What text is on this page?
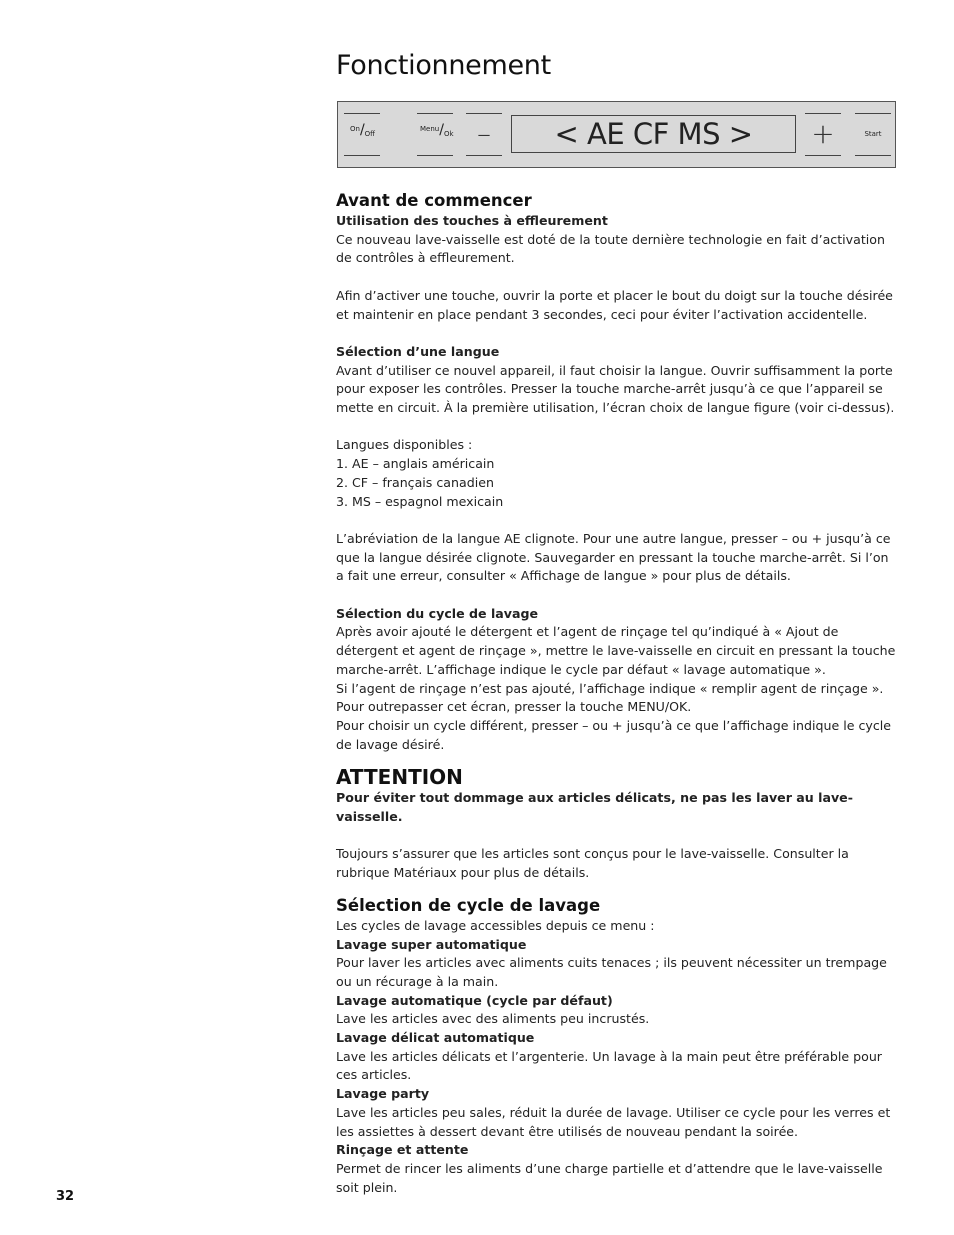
Fonctionnement
On/Off
Menu/Ok –	< AE CF MS >	+	Start

Avant de commencer

Utilisation des touches à effleurement

Ce nouveau lave-vaisselle est doté de la toute dernière technologie en fait d’activation de contrôles à effleurement.

Afin d’activer une touche, ouvrir la porte et placer le bout du doigt sur la touche désirée et maintenir en place pendant 3 secondes, ceci pour éviter l’activation accidentelle.

Sélection d’une langue

Avant d’utiliser ce nouvel appareil, il faut choisir la langue. Ouvrir suffisamment la porte pour exposer les contrôles. Presser la touche marche-arrêt jusqu’à ce que l’appareil se mette en circuit. À la première utilisation, l’écran choix de langue figure (voir ci-dessus).

Langues disponibles :

1. AE – anglais américain

2. CF – français canadien

3. MS – espagnol mexicain

L’abréviation de la langue AE clignote. Pour une autre langue, presser – ou + jusqu’à ce que la langue désirée clignote. Sauvegarder en pressant la touche marche-arrêt. Si l’on a fait une erreur, consulter « Affichage de langue » pour plus de détails.

Sélection du cycle de lavage

Après avoir ajouté le détergent et l’agent de rinçage tel qu’indiqué à « Ajout de détergent et agent de rinçage », mettre le lave-vaisselle en circuit en pressant la touche marche-arrêt. L’affichage indique le cycle par défaut « lavage automatique ».

Si l’agent de rinçage n’est pas ajouté, l’affichage indique « remplir agent de rinçage ». Pour outrepasser cet écran, presser la touche MENU/OK.

Pour choisir un cycle différent, presser – ou + jusqu’à ce que l’affichage indique le cycle de lavage désiré.

ATTENTION

Pour éviter tout dommage aux articles délicats, ne pas les laver au lave-vaisselle.

Toujours s’assurer que les articles sont conçus pour le lave-vaisselle. Consulter la rubrique Matériaux pour plus de détails.

Sélection de cycle de lavage

Les cycles de lavage accessibles depuis ce menu :

Lavage super automatique

Pour laver les articles avec aliments cuits tenaces ; ils peuvent nécessiter un trempage ou un récurage à la main.

Lavage automatique (cycle par défaut)

Lave les articles avec des aliments peu incrustés.

Lavage délicat automatique

Lave les articles délicats et l’argenterie. Un lavage à la main peut être préférable pour ces articles.

Lavage party

Lave les articles peu sales, réduit la durée de lavage. Utiliser ce cycle pour les verres et les assiettes à dessert devant être utilisés de nouveau pendant la soirée.

Rinçage et attente

Permet de rincer les aliments d’une charge partielle et d’attendre que le lave-vaisselle soit plein.

32
